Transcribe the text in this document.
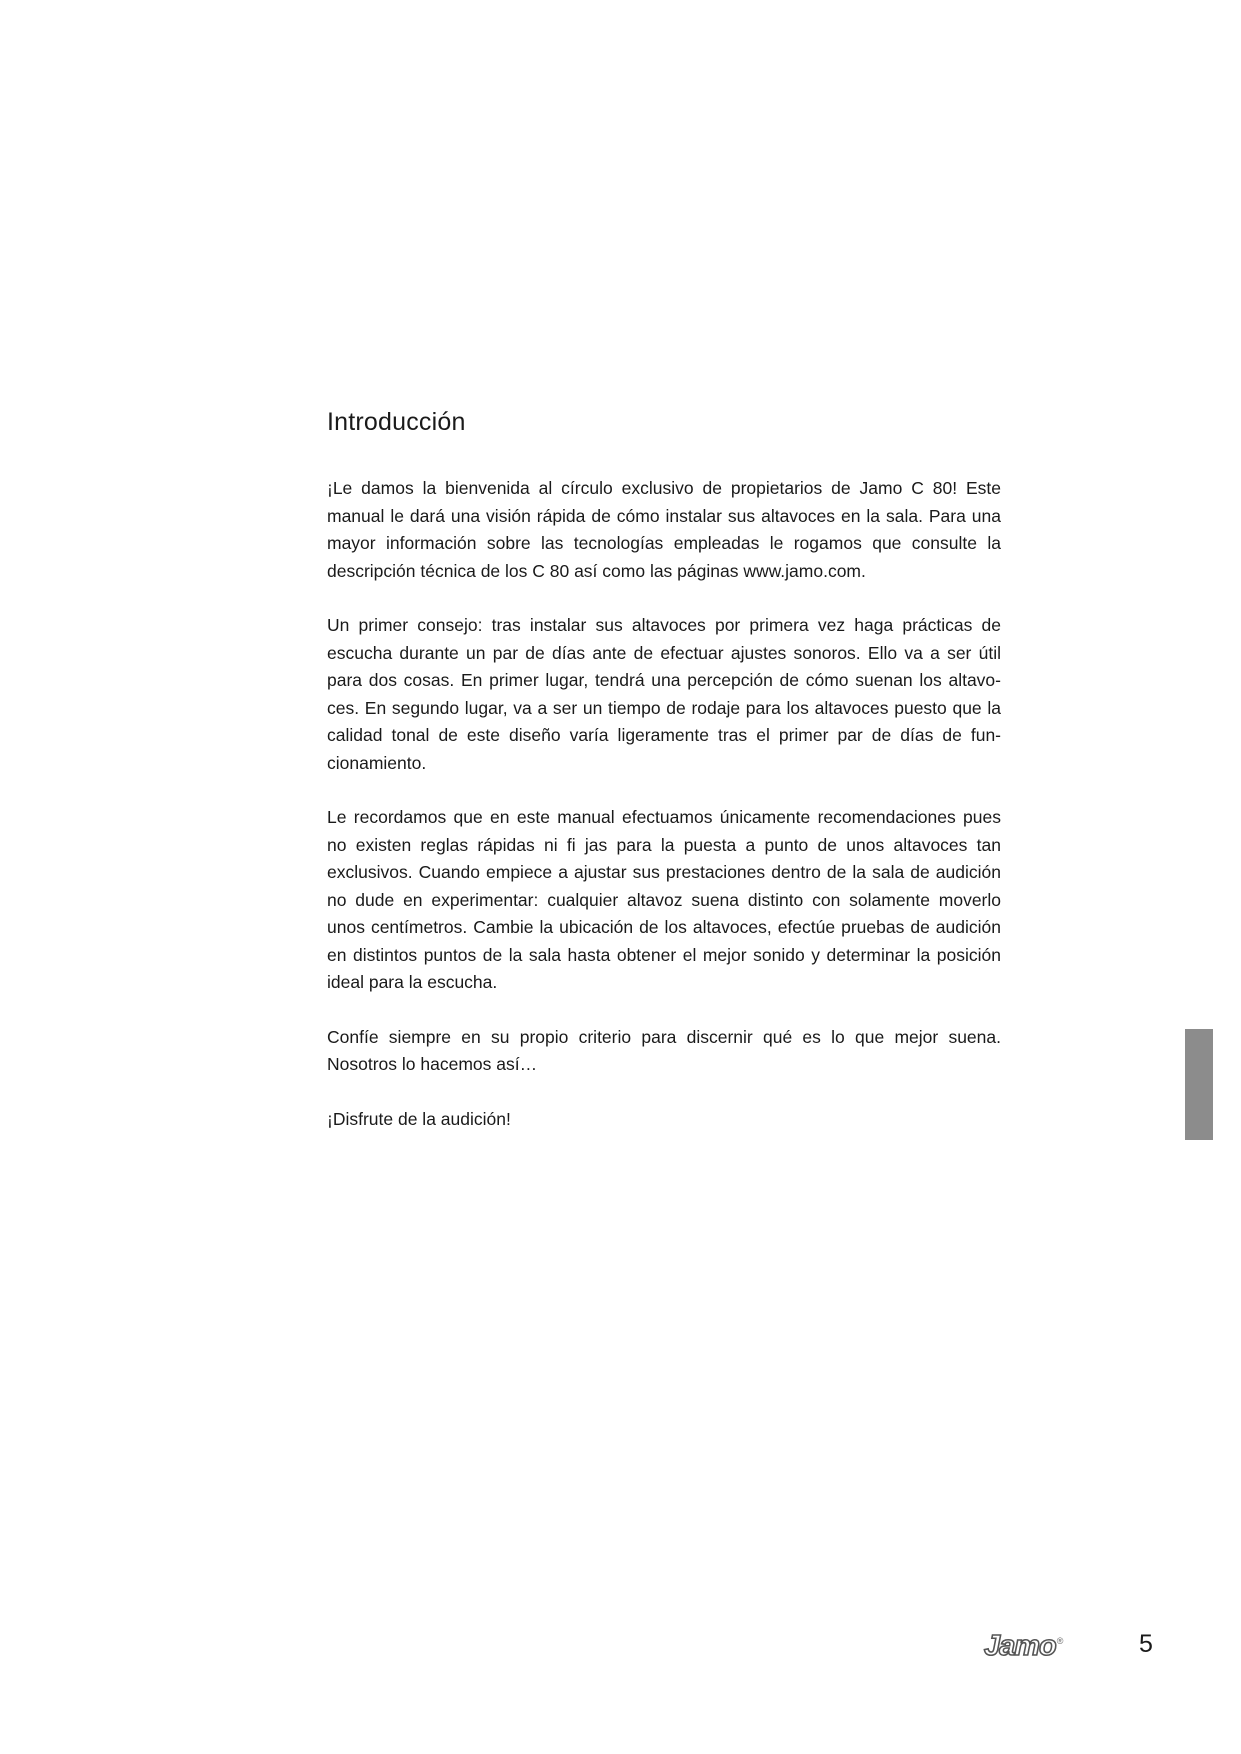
Introducción

¡Le damos la bienvenida al círculo exclusivo de propietarios de Jamo C 80! Este manual le dará una visión rápida de cómo instalar sus altavoces en la sala. Para una mayor información sobre las tecnologías empleadas le rogamos que consulte la descripción técnica de los C 80 así como las páginas www.jamo.com.

Un primer consejo: tras instalar sus altavoces por primera vez haga prácticas de escucha durante un par de días ante de efectuar ajustes sonoros. Ello va a ser útil para dos cosas. En primer lugar, tendrá una percepción de cómo suenan los altavoces. En segundo lugar, va a ser un tiempo de rodaje para los altavoces puesto que la calidad tonal de este diseño varía ligeramente tras el primer par de días de funcionamiento.

Le recordamos que en este manual efectuamos únicamente recomendaciones pues no existen reglas rápidas ni fi jas para la puesta a punto de unos altavoces tan exclusivos. Cuando empiece a ajustar sus prestaciones dentro de la sala de audición no dude en experimentar: cualquier altavoz suena distinto con solamente moverlo unos centímetros. Cambie la ubicación de los altavoces, efectúe pruebas de audición en distintos puntos de la sala hasta obtener el mejor sonido y determinar la posición ideal para la escucha.

Confíe siempre en su propio criterio para discernir qué es lo que mejor suena. Nosotros lo hacemos así…

¡Disfrute de la audición!

Jamo ®	5
